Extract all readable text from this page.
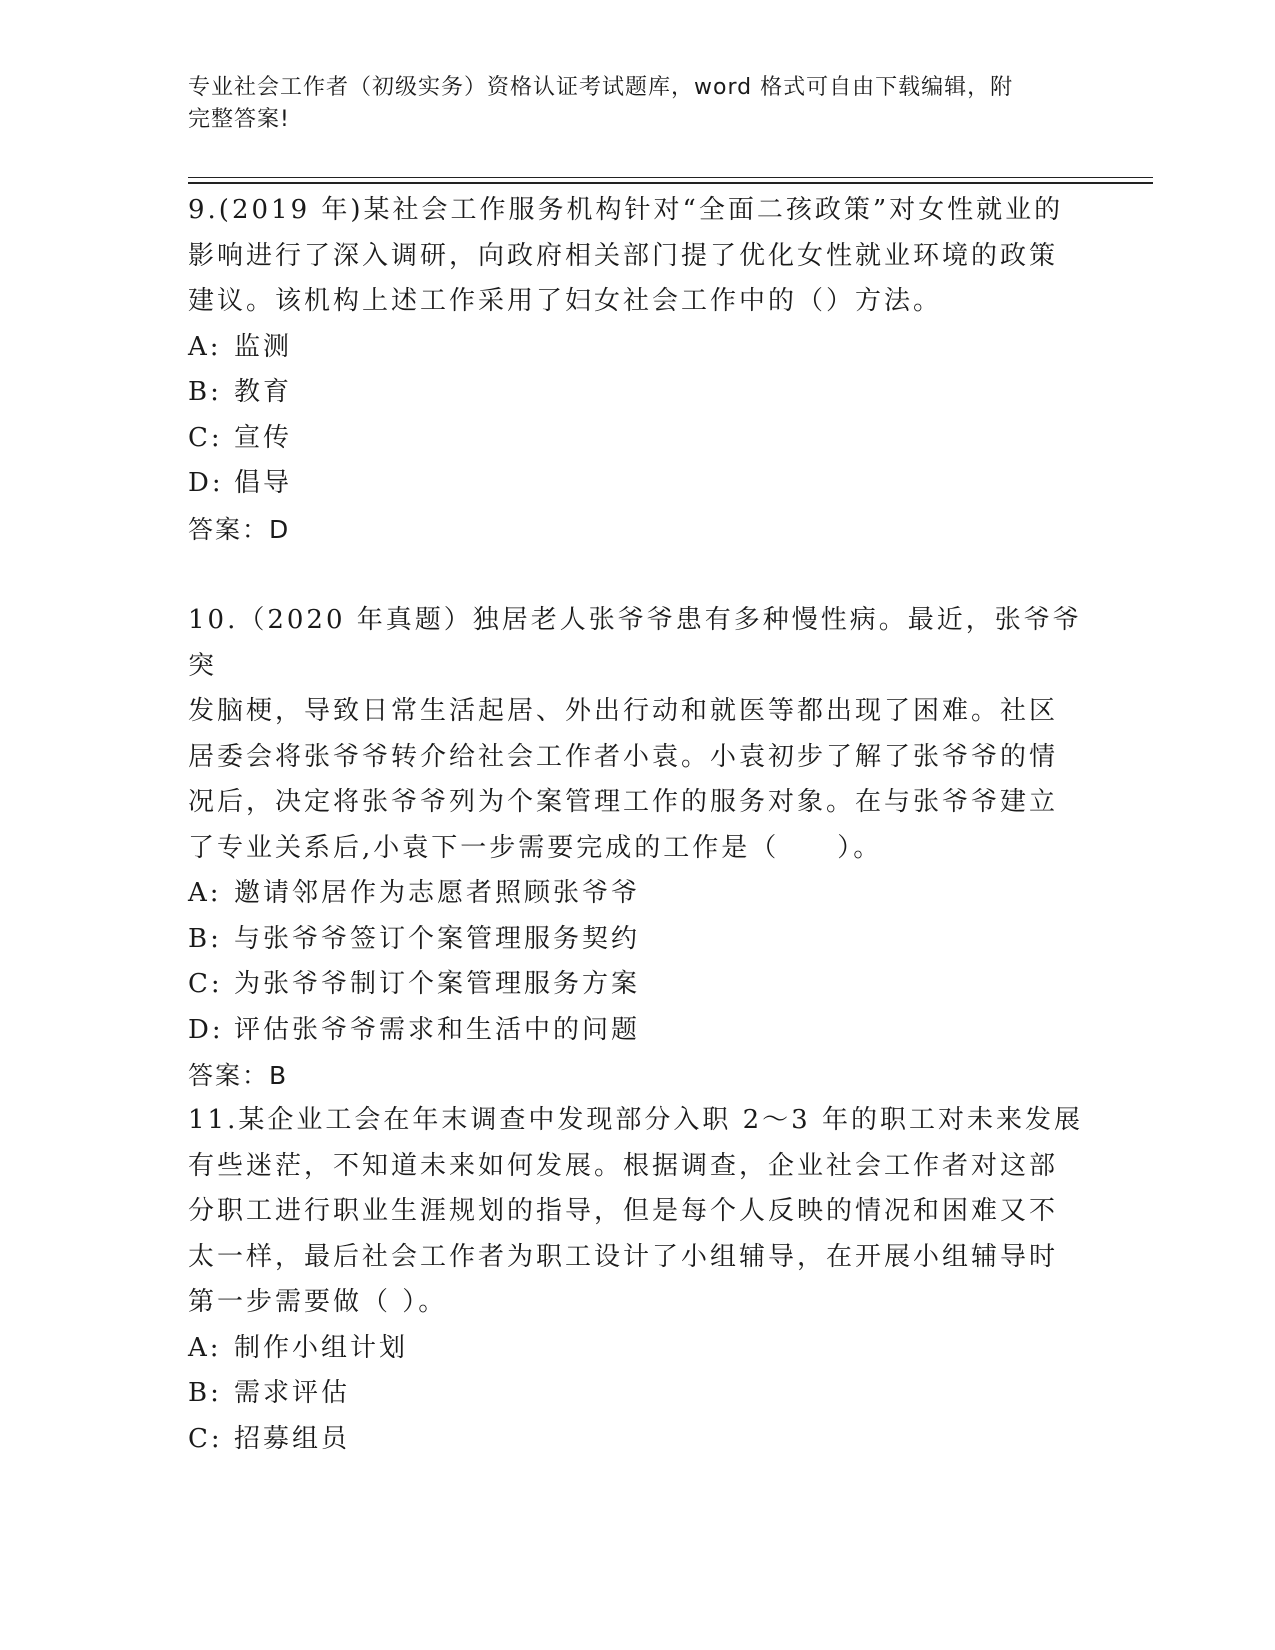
专业社会工作者（初级实务）资格认证考试题库，word 格式可自由下载编辑，附
完整答案!

9.(2019 年)某社会工作服务机构针对“全面二孩政策”对女性就业的

影响进行了深入调研，向政府相关部门提了优化女性就业环境的政策

建议。该机构上述工作采用了妇女社会工作中的（）方法。

A: 监测

B: 教育

C: 宣传

D: 倡导

答案：D

10.（2020 年真题）独居老人张爷爷患有多种慢性病。最近，张爷爷突

发脑梗，导致日常生活起居、外出行动和就医等都出现了困难。社区

居委会将张爷爷转介给社会工作者小袁。小袁初步了解了张爷爷的情

况后，决定将张爷爷列为个案管理工作的服务对象。在与张爷爷建立

了专业关系后,小袁下一步需要完成的工作是（　　）。

A: 邀请邻居作为志愿者照顾张爷爷

B: 与张爷爷签订个案管理服务契约

C: 为张爷爷制订个案管理服务方案

D: 评估张爷爷需求和生活中的问题

答案：B

11.某企业工会在年末调查中发现部分入职 2～3 年的职工对未来发展

有些迷茫，不知道未来如何发展。根据调查，企业社会工作者对这部

分职工进行职业生涯规划的指导，但是每个人反映的情况和困难又不

太一样，最后社会工作者为职工设计了小组辅导，在开展小组辅导时

第一步需要做（ ）。

A: 制作小组计划

B: 需求评估

C: 招募组员
